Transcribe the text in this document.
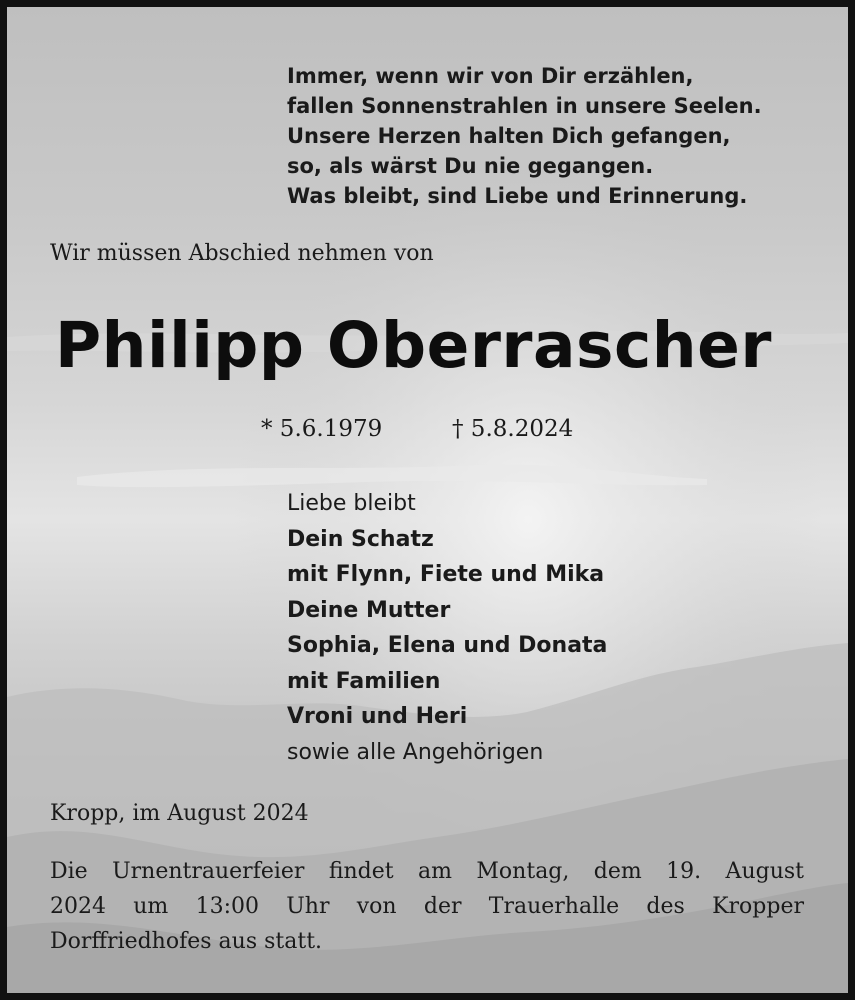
Immer, wenn wir von Dir erzählen,
fallen Sonnenstrahlen in unsere Seelen.
Unsere Herzen halten Dich gefangen,
so, als wärst Du nie gegangen.
Was bleibt, sind Liebe und Erinnerung.
Wir müssen Abschied nehmen von
Philipp Oberrascher
* 5.6.1979	† 5.8.2024
Liebe bleibt
Dein Schatz
mit Flynn, Fiete und Mika
Deine Mutter
Sophia, Elena und Donata
mit Familien
Vroni und Heri
sowie alle Angehörigen
Kropp, im August 2024
Die Urnentrauerfeier findet am Montag, dem 19. August
2024 um 13:00 Uhr von der Trauerhalle des Kropper
Dorffriedhofes aus statt.
